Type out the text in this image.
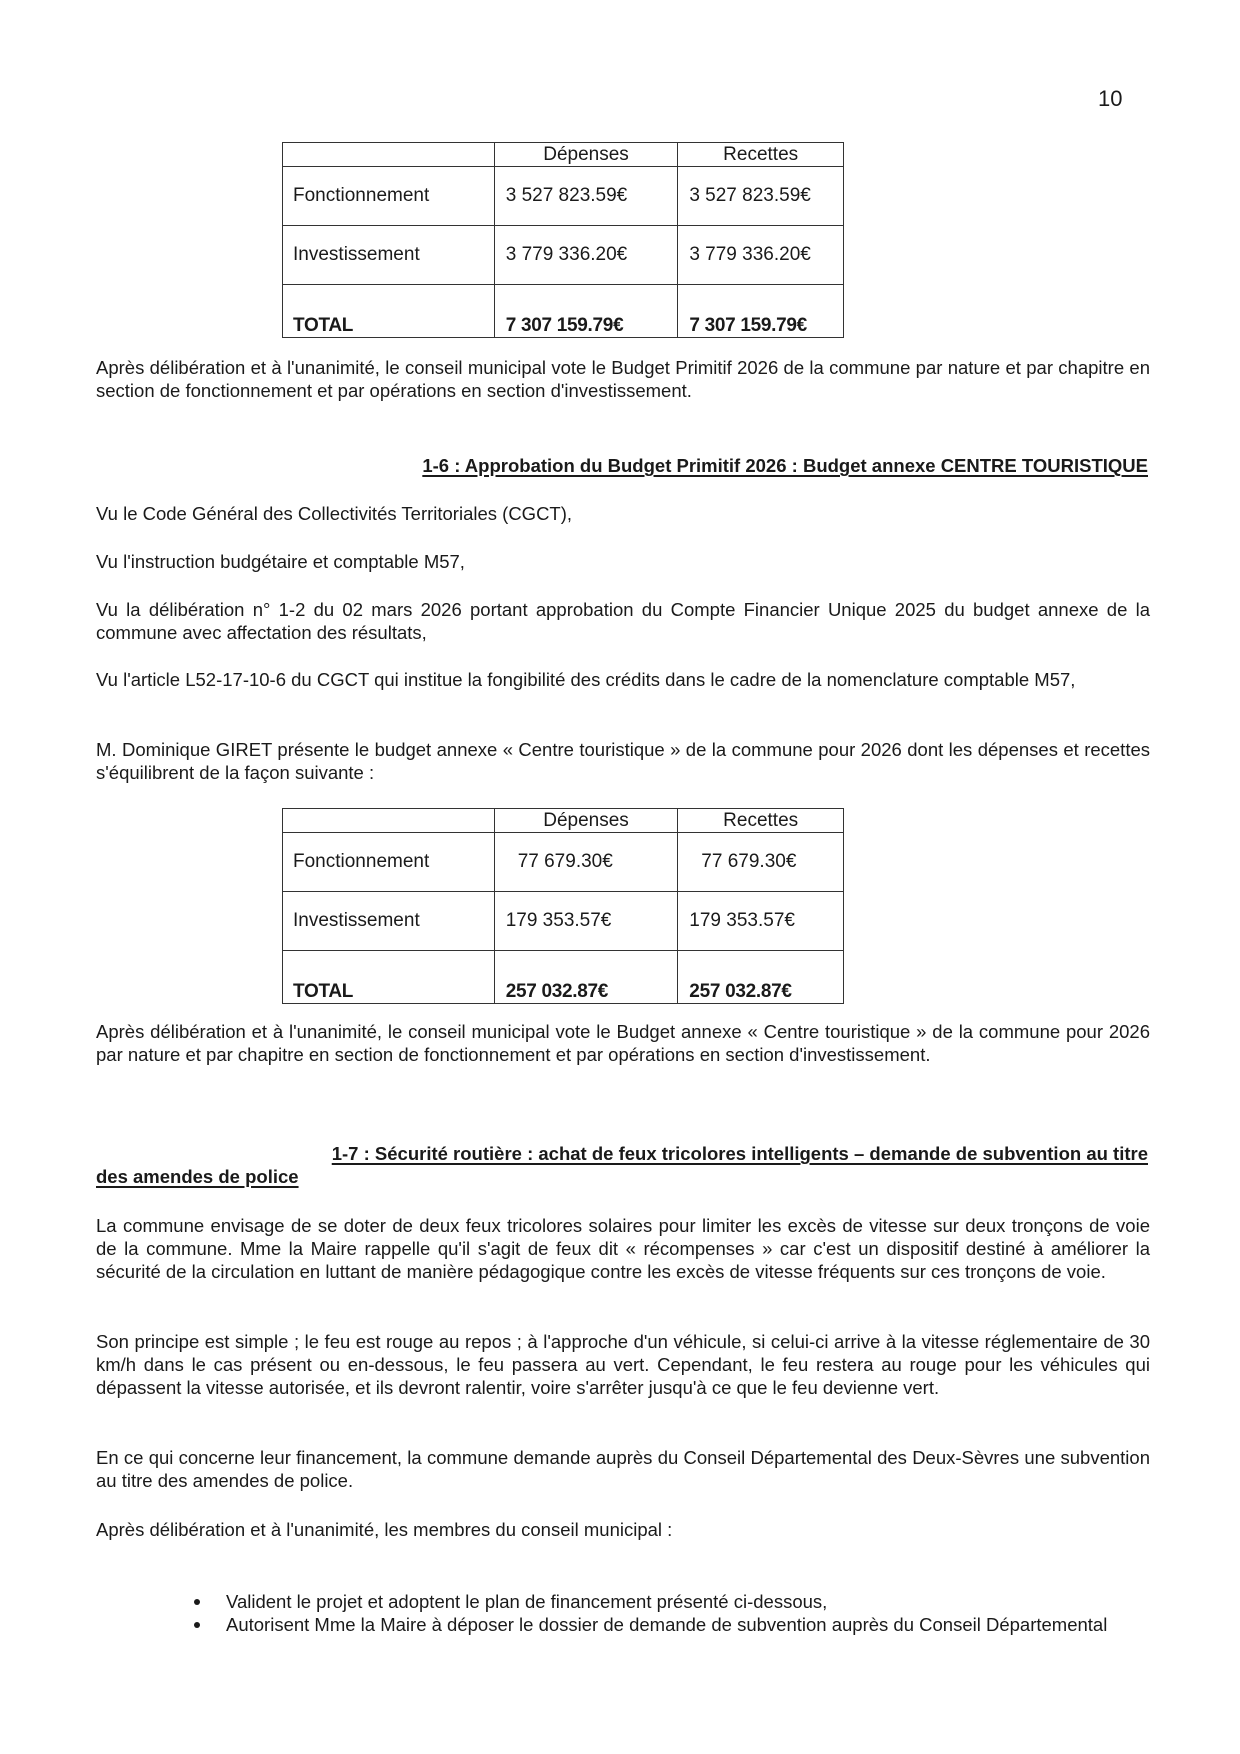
10
	Dépenses	Recettes
Fonctionnement	3 527 823.59€	3 527 823.59€
Investissement	3 779 336.20€	3 779 336.20€

TOTAL	7 307 159.79€	7 307 159.79€

Après délibération et à l'unanimité, le conseil municipal vote le Budget Primitif 2026 de la commune par nature et par chapitre en section de fonctionnement et par opérations en section d'investissement.

1-6 : Approbation du Budget Primitif 2026 : Budget annexe CENTRE TOURISTIQUE
Vu le Code Général des Collectivités Territoriales (CGCT),
Vu l'instruction budgétaire et comptable M57,

Vu la délibération n° 1-2 du 02 mars 2026 portant approbation du Compte Financier Unique 2025 du budget annexe de la commune avec affectation des résultats,

Vu l'article L52-17-10-6 du CGCT qui institue la fongibilité des crédits dans le cadre de la nomenclature comptable M57,

M. Dominique GIRET présente le budget annexe « Centre touristique » de la commune pour 2026 dont les dépenses et recettes s'équilibrent de la façon suivante :

	Dépenses	Recettes
Fonctionnement	77 679.30€	77 679.30€
Investissement	179 353.57€	179 353.57€
TOTAL	257 032.87€	257 032.87€

Après délibération et à l'unanimité, le conseil municipal vote le Budget annexe « Centre touristique » de la commune pour 2026 par nature et par chapitre en section de fonctionnement et par opérations en section d'investissement.

1-7 : Sécurité routière : achat de feux tricolores intelligents – demande de subvention au titre
des amendes de police

La commune envisage de se doter de deux feux tricolores solaires pour limiter les excès de vitesse sur deux tronçons de voie de la commune. Mme la Maire rappelle qu'il s'agit de feux dit « récompenses » car c'est un dispositif destiné à améliorer la sécurité de la circulation en luttant de manière pédagogique contre les excès de vitesse fréquents sur ces tronçons de voie.

Son principe est simple ; le feu est rouge au repos ; à l'approche d'un véhicule, si celui-ci arrive à la vitesse réglementaire de 30 km/h dans le cas présent ou en-dessous, le feu passera au vert. Cependant, le feu restera au rouge pour les véhicules qui dépassent la vitesse autorisée, et ils devront ralentir, voire s'arrêter jusqu'à ce que le feu devienne vert.

En ce qui concerne leur financement, la commune demande auprès du Conseil Départemental des Deux-Sèvres une subvention au titre des amendes de police.

Après délibération et à l'unanimité, les membres du conseil municipal :

Valident le projet et adoptent le plan de financement présenté ci-dessous,

Autorisent Mme la Maire à déposer le dossier de demande de subvention auprès du Conseil Départemental
